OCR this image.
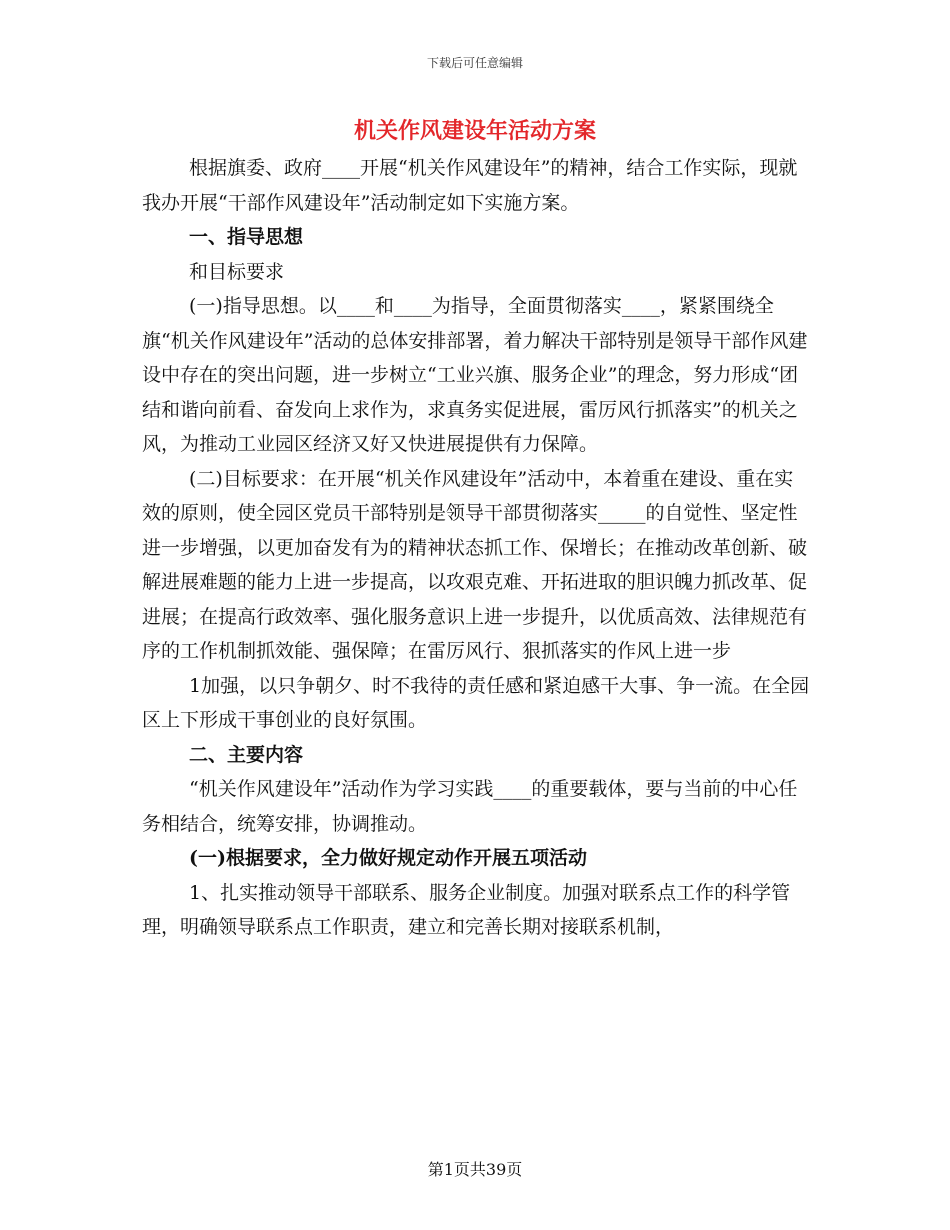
下载后可任意编辑
机关作风建设年活动方案

根据旗委、政府____开展“机关作风建设年”的精神，结合工作实际，现就我办开展“干部作风建设年”活动制定如下实施方案。

一、指导思想

和目标要求

(一)指导思想。以____和____为指导，全面贯彻落实____，紧紧围绕全旗“机关作风建设年”活动的总体安排部署，着力解决干部特别是领导干部作风建设中存在的突出问题，进一步树立“工业兴旗、服务企业”的理念，努力形成“团结和谐向前看、奋发向上求作为，求真务实促进展，雷厉风行抓落实”的机关之风，为推动工业园区经济又好又快进展提供有力保障。

(二)目标要求：在开展“机关作风建设年”活动中，本着重在建设、重在实效的原则，使全园区党员干部特别是领导干部贯彻落实_____的自觉性、坚定性进一步增强，以更加奋发有为的精神状态抓工作、保增长；在推动改革创新、破解进展难题的能力上进一步提高，以攻艰克难、开拓进取的胆识魄力抓改革、促进展；在提高行政效率、强化服务意识上进一步提升，以优质高效、法律规范有序的工作机制抓效能、强保障；在雷厉风行、狠抓落实的作风上进一步

1加强，以只争朝夕、时不我待的责任感和紧迫感干大事、争一流。在全园区上下形成干事创业的良好氛围。

二、主要内容

“机关作风建设年”活动作为学习实践____的重要载体，要与当前的中心任务相结合，统筹安排，协调推动。

(一)根据要求，全力做好规定动作开展五项活动

1、扎实推动领导干部联系、服务企业制度。加强对联系点工作的科学管理，明确领导联系点工作职责，建立和完善长期对接联系机制，

第1页共39页
